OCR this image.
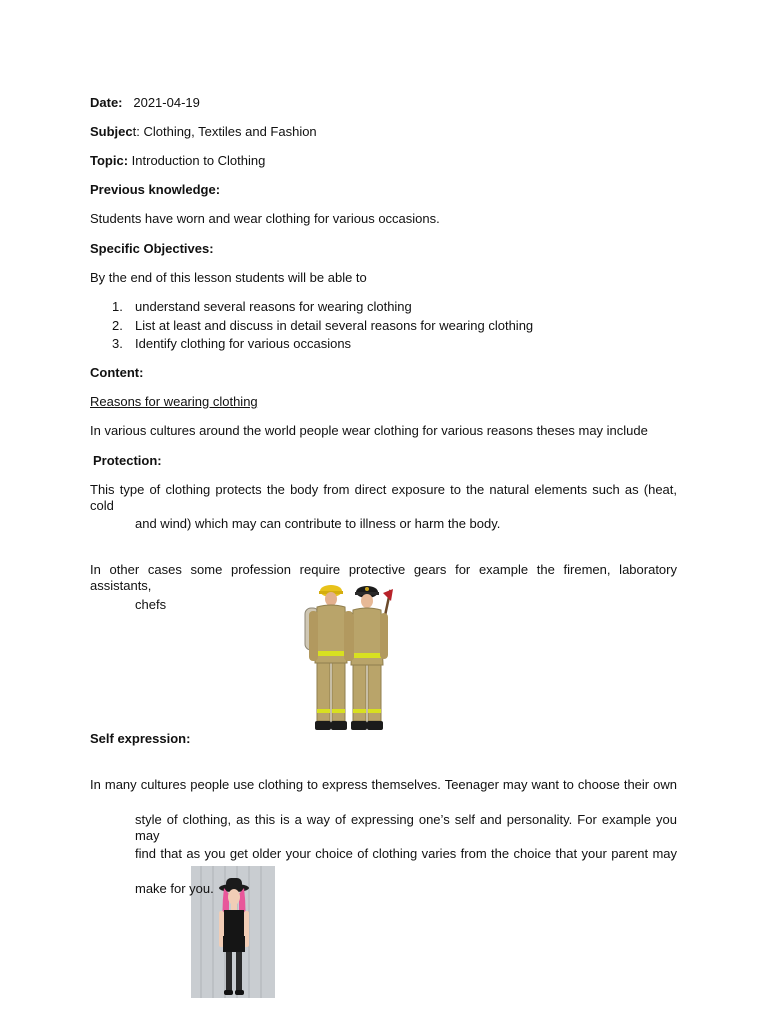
Date: 2021-04-19
Subject: Clothing, Textiles and Fashion
Topic: Introduction to Clothing
Previous knowledge:
Students have worn and wear clothing for various occasions.
Specific Objectives:
By the end of this lesson students will be able to
1. understand several reasons for wearing clothing
2. List at least and discuss in detail several reasons for wearing clothing
3. Identify clothing for various occasions
Content:
Reasons for wearing clothing
In various cultures around the world people wear clothing for various reasons theses may include
Protection:
This type of clothing protects the body from direct exposure to the natural elements such as (heat, cold
and wind) which may can contribute to illness or harm the body.
In other cases some profession require protective gears for example the firemen, laboratory assistants,
chefs
Self expression:
In many cultures people use clothing to express themselves. Teenager may want to choose their own
style of clothing, as this is a way of expressing one’s self and personality. For example you may
find that as you get older your choice of clothing varies from the choice that your parent may
make for you.
